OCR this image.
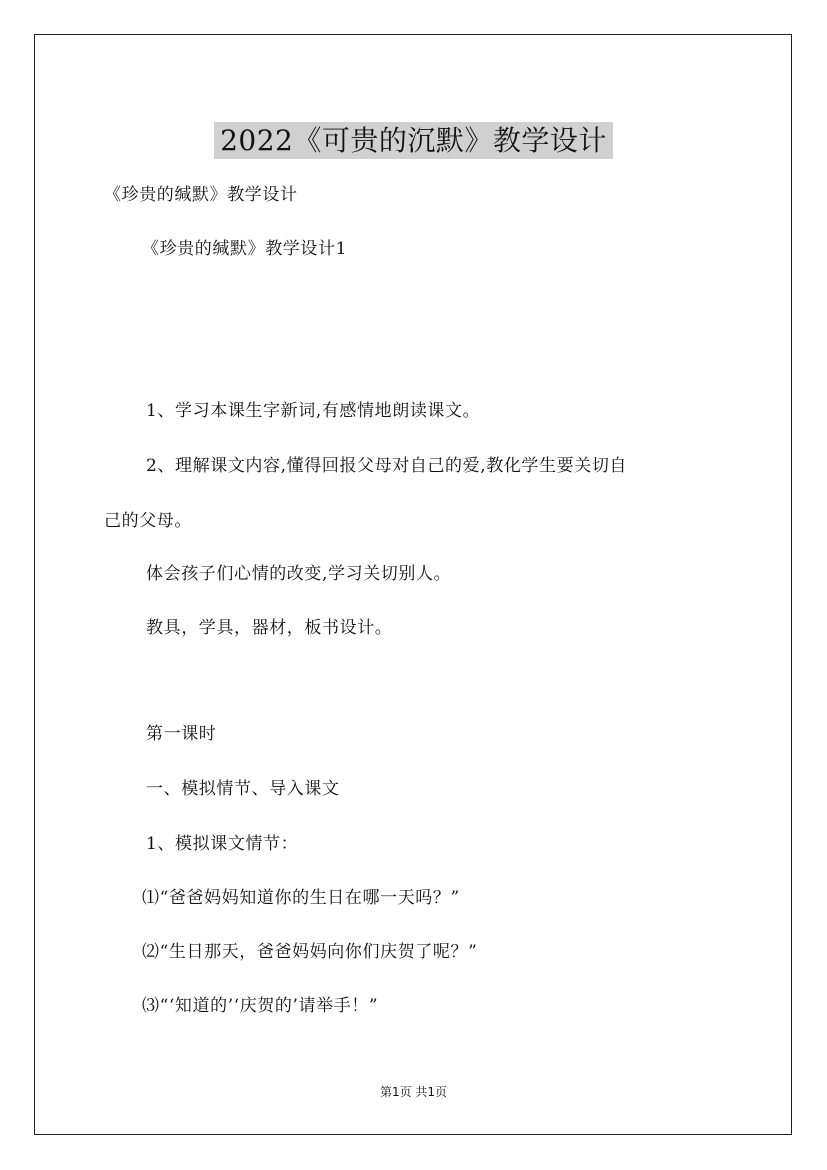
2022《可贵的沉默》教学设计
《珍贵的缄默》教学设计
《珍贵的缄默》教学设计1
1、学习本课生字新词,有感情地朗读课文。
2、理解课文内容,懂得回报父母对自己的爱,教化学生要关切自
己的父母。
体会孩子们心情的改变,学习关切别人。
教具，学具，器材，板书设计。
第一课时
一、模拟情节、导入课文
1、模拟课文情节：
⑴“爸爸妈妈知道你的生日在哪一天吗？”
⑵“生日那天，爸爸妈妈向你们庆贺了呢？”
⑶“‘知道的’‘庆贺的’请举手！”
第1页 共1页
